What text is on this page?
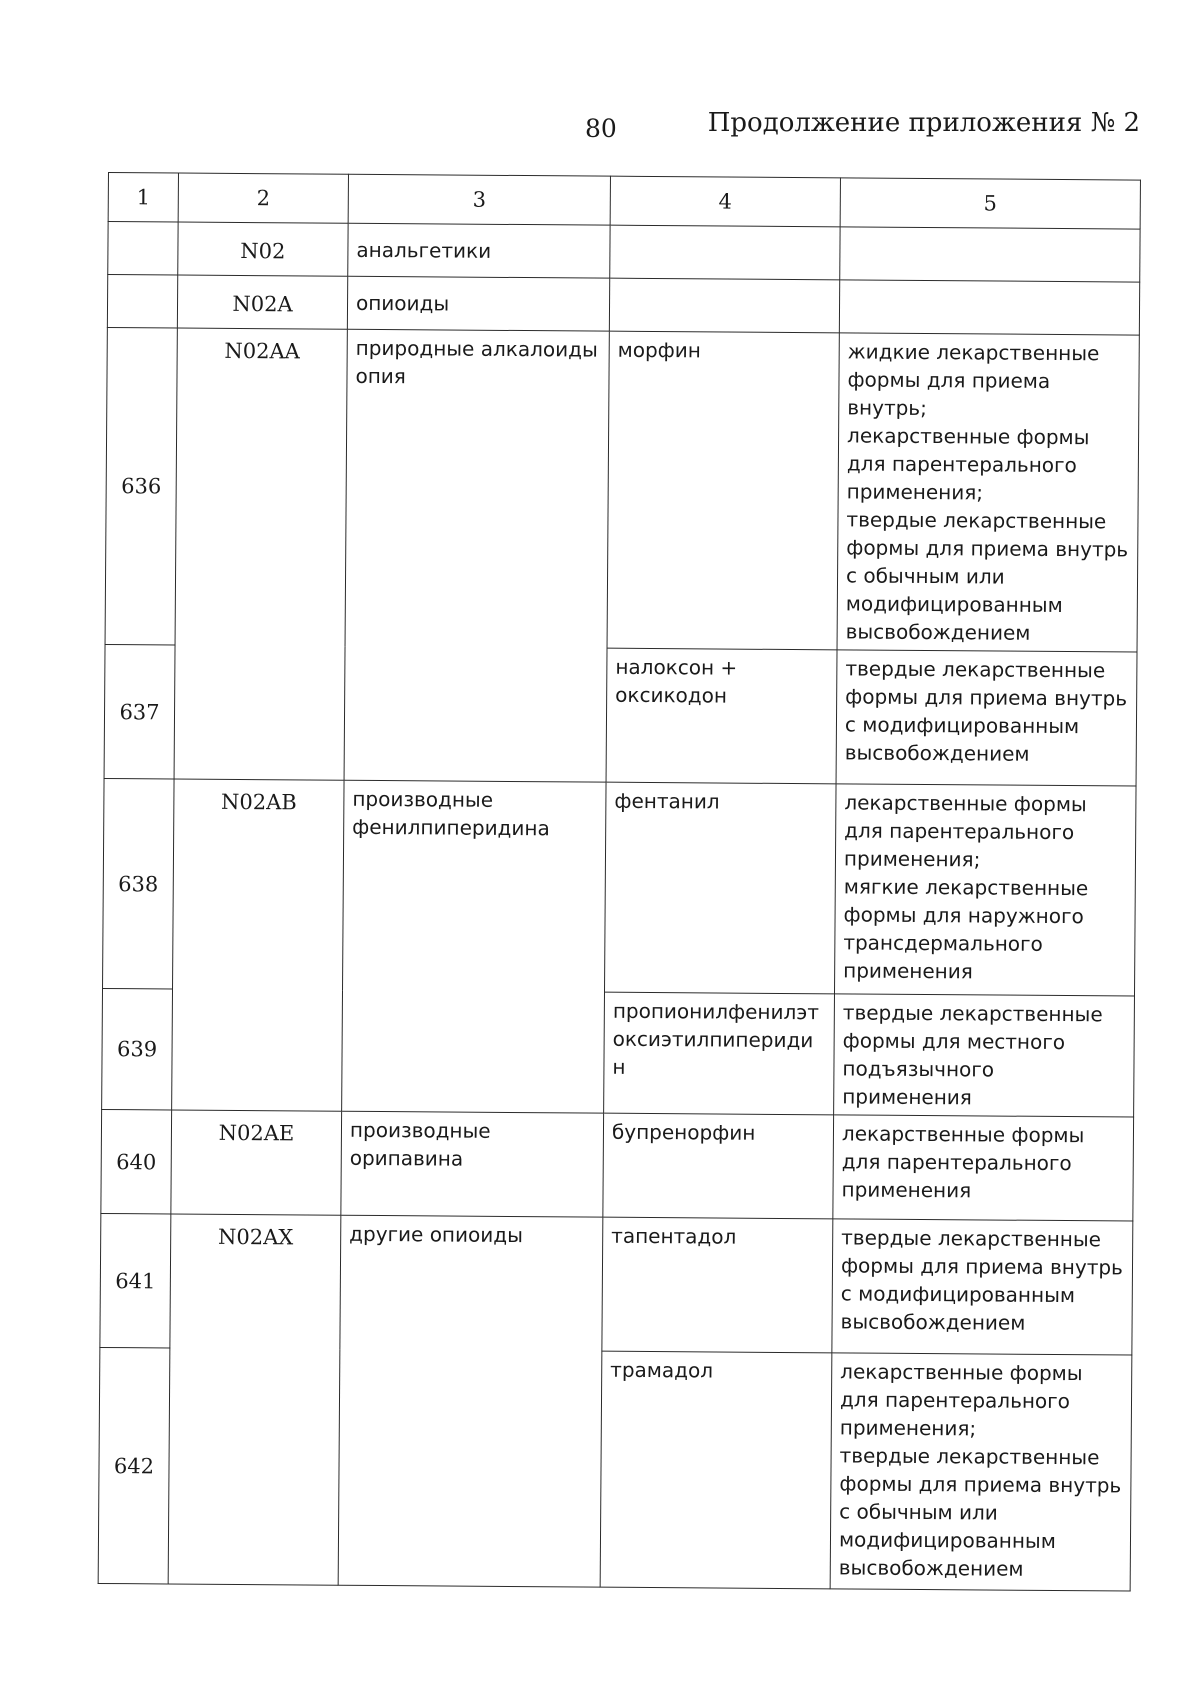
80	Продолжение приложения № 2
1	2	3	4	5
	N02	анальгетики		
	N02A	опиоиды		
636	N02AA	природные алкалоиды опия	морфин	жидкие лекарственные формы для приема внутрь;
лекарственные формы для парентерального применения;
твердые лекарственные формы для приема внутрь с обычным или модифицированным высвобождением
637			налоксон + оксикодон	твердые лекарственные формы для приема внутрь с модифицированным высвобождением
638	N02AB	производные фенилпиперидина	фентанил	лекарственные формы для парентерального применения;
мягкие лекарственные формы для наружного трансдермального применения
639			пропионилфенилэтоксиэтилпиперидин	твердые лекарственные формы для местного подъязычного применения
640	N02AE	производные орипавина	бупренорфин	лекарственные формы для парентерального применения
641	N02AX	другие опиоиды	тапентадол	твердые лекарственные формы для приема внутрь с модифицированным высвобождением
642			трамадол	лекарственные формы для парентерального применения;
твердые лекарственные формы для приема внутрь с обычным или модифицированным высвобождением
